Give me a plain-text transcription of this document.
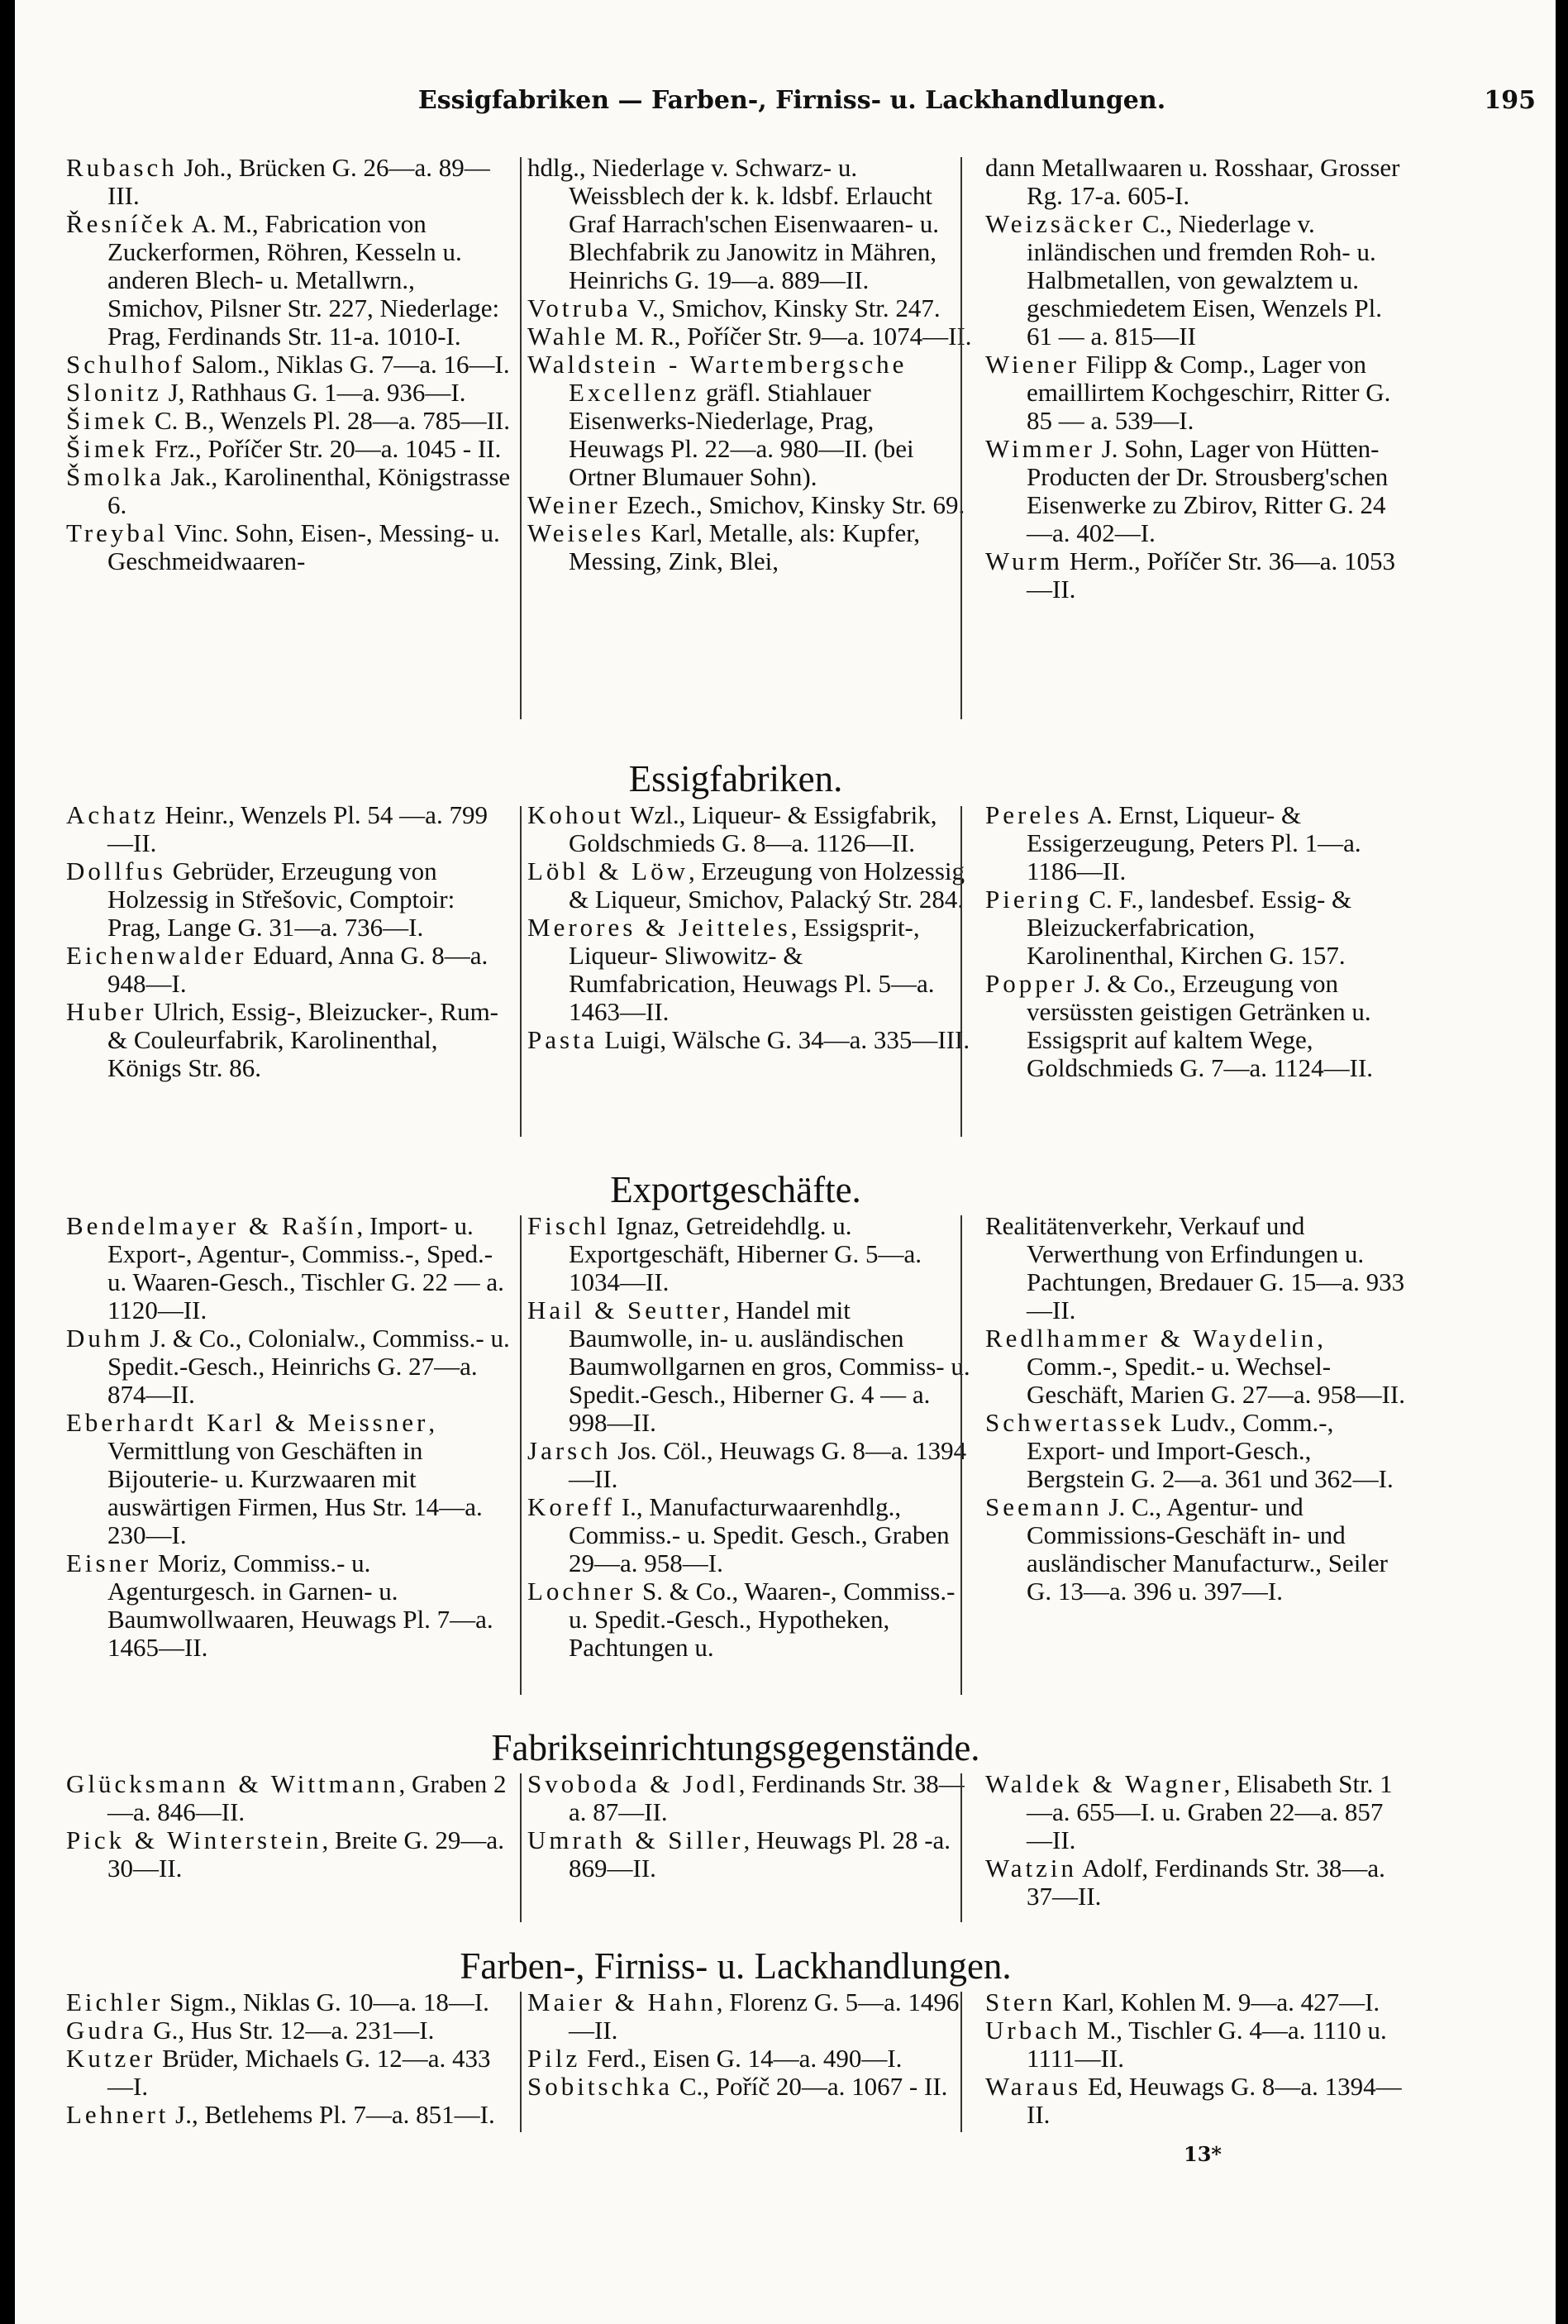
Essigfabriken — Farben-, Firniss- u. Lackhandlungen.	195
Rubasch Joh., Brücken G. 26—a. 89—III.
Řesníček A. M., Fabrication von Zuckerformen, Röhren, Kesseln u. anderen Blech- u. Metallwrn., Smichov, Pilsner Str. 227, Niederlage: Prag, Ferdinands Str. 11-a. 1010-I.
Schulhof Salom., Niklas G. 7—a. 16—I.
Slonitz J, Rathhaus G. 1—a. 936—I.
Šimek C. B., Wenzels Pl. 28—a. 785—II.
Šimek Frz., Poříčer Str. 20—a. 1045 - II.
Šmolka Jak., Karolinenthal, Königstrasse 6.
Treybal Vinc. Sohn, Eisen-, Messing- u. Geschmeidwaaren-
hdlg., Niederlage v. Schwarz- u. Weissblech der k. k. ldsbf. Erlaucht Graf Harrach'schen Eisenwaaren- u. Blechfabrik zu Janowitz in Mähren, Heinrichs G. 19—a. 889—II.
Votruba V., Smichov, Kinsky Str. 247.
Wahle M. R., Poříčer Str. 9—a. 1074—II.
Waldstein - Wartembergsche Excellenz gräfl. Stiahlauer Eisenwerks-Niederlage, Prag, Heuwags Pl. 22—a. 980—II. (bei Ortner Blumauer Sohn).
Weiner Ezech., Smichov, Kinsky Str. 69.
Weiseles Karl, Metalle, als: Kupfer, Messing, Zink, Blei,
dann Metallwaaren u. Rosshaar, Grosser Rg. 17-a. 605-I.
Weizsäcker C., Niederlage v. inländischen und fremden Roh- u. Halbmetallen, von gewalztem u. geschmiedetem Eisen, Wenzels Pl. 61 — a. 815—II
Wiener Filipp & Comp., Lager von emaillirtem Kochgeschirr, Ritter G. 85 — a. 539—I.
Wimmer J. Sohn, Lager von Hütten-Producten der Dr. Strousberg'schen Eisenwerke zu Zbirov, Ritter G. 24—a. 402—I.
Wurm Herm., Poříčer Str. 36—a. 1053—II.
Essigfabriken.
Achatz Heinr., Wenzels Pl. 54 —a. 799—II.
Dollfus Gebrüder, Erzeugung von Holzessig in Střešovic, Comptoir: Prag, Lange G. 31—a. 736—I.
Eichenwalder Eduard, Anna G. 8—a. 948—I.
Huber Ulrich, Essig-, Bleizucker-, Rum- & Couleurfabrik, Karolinenthal, Königs Str. 86.
Kohout Wzl., Liqueur- & Essigfabrik, Goldschmieds G. 8—a. 1126—II.
Löbl & Löw, Erzeugung von Holzessig & Liqueur, Smichov, Palacký Str. 284.
Merores & Jeitteles, Essigsprit-, Liqueur- Sliwowitz- & Rumfabrication, Heuwags Pl. 5—a. 1463—II.
Pasta Luigi, Wälsche G. 34—a. 335—III.
Pereles A. Ernst, Liqueur- & Essigerzeugung, Peters Pl. 1—a. 1186—II.
Piering C. F., landesbef. Essig- & Bleizuckerfabrication, Karolinenthal, Kirchen G. 157.
Popper J. & Co., Erzeugung von versüssten geistigen Getränken u. Essigsprit auf kaltem Wege, Goldschmieds G. 7—a. 1124—II.
Exportgeschäfte.
Bendelmayer & Rašín, Import- u. Export-, Agentur-, Commiss.-, Sped.- u. Waaren-Gesch., Tischler G. 22 — a. 1120—II.
Duhm J. & Co., Colonialw., Commiss.- u. Spedit.-Gesch., Heinrichs G. 27—a. 874—II.
Eberhardt Karl & Meissner, Vermittlung von Geschäften in Bijouterie- u. Kurzwaaren mit auswärtigen Firmen, Hus Str. 14—a. 230—I.
Eisner Moriz, Commiss.- u. Agenturgesch. in Garnen- u. Baumwollwaaren, Heuwags Pl. 7—a. 1465—II.
Fischl Ignaz, Getreidehdlg. u. Exportgeschäft, Hiberner G. 5—a. 1034—II.
Hail & Seutter, Handel mit Baumwolle, in- u. ausländischen Baumwollgarnen en gros, Commiss- u. Spedit.-Gesch., Hiberner G. 4 — a. 998—II.
Jarsch Jos. Cöl., Heuwags G. 8—a. 1394—II.
Koreff I., Manufacturwaarenhdlg., Commiss.- u. Spedit. Gesch., Graben 29—a. 958—I.
Lochner S. & Co., Waaren-, Commiss.- u. Spedit.-Gesch., Hypotheken, Pachtungen u.
Realitätenverkehr, Verkauf und Verwerthung von Erfindungen u. Pachtungen, Bredauer G. 15—a. 933—II.
Redlhammer & Waydelin, Comm.-, Spedit.- u. Wechsel-Geschäft, Marien G. 27—a. 958—II.
Schwertassek Ludv., Comm.-, Export- und Import-Gesch., Bergstein G. 2—a. 361 und 362—I.
Seemann J. C., Agentur- und Commissions-Geschäft in- und ausländischer Manufacturw., Seiler G. 13—a. 396 u. 397—I.
Fabrikseinrichtungsgegenstände.
Glücksmann & Wittmann, Graben 2—a. 846—II.
Pick & Winterstein, Breite G. 29—a. 30—II.
Svoboda & Jodl, Ferdinands Str. 38—a. 87—II.
Umrath & Siller, Heuwags Pl. 28 -a. 869—II.
Waldek & Wagner, Elisabeth Str. 1—a. 655—I. u. Graben 22—a. 857—II.
Watzin Adolf, Ferdinands Str. 38—a. 37—II.
Farben-, Firniss- u. Lackhandlungen.
Eichler Sigm., Niklas G. 10—a. 18—I.
Gudra G., Hus Str. 12—a. 231—I.
Kutzer Brüder, Michaels G. 12—a. 433—I.
Lehnert J., Betlehems Pl. 7—a. 851—I.
Maier & Hahn, Florenz G. 5—a. 1496—II.
Pilz Ferd., Eisen G. 14—a. 490—I.
Sobitschka C., Poříč 20—a. 1067 - II.
Stern Karl, Kohlen M. 9—a. 427—I.
Urbach M., Tischler G. 4—a. 1110 u. 1111—II.
Waraus Ed, Heuwags G. 8—a. 1394—II.
13*
